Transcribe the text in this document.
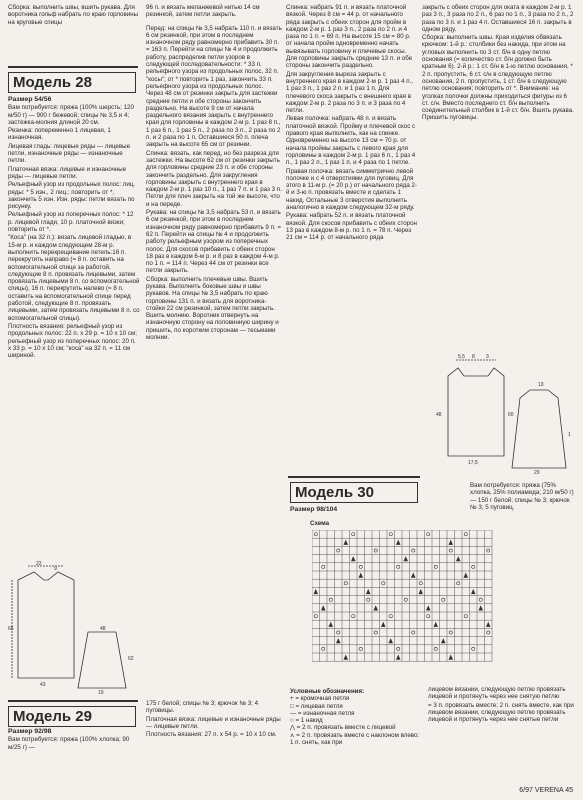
Сборка: выполнить швы, вшить рукава. Для воротника гольф набрать по краю горловины на круговые спицы

Модель 28

Размер 54/56

Вам потребуется: пряжа (100% шерсть; 120 м/50 г) — 900 г бежевой; спицы № 3,5 и 4; застежка-молния длиной 20 см.

Резинка: попеременно 1 лицевая, 1 изнаночная.

Лицевая гладь: лицевые ряды — лицевые петли, изнаночные ряды — изнаночные петли.

Платочная вязка: лицевые и изнаночные ряды — лицевые петли.

Рельефный узор из продольных полос: лиц. ряды: * 5 изн., 2 лиц.; повторить от *, закончить 5 изн. Изн. ряды: петли вязать по рисунку.

Рельефный узор из поперечных полос: * 12 р. лицевой глади, 10 р. платочной вязки; повторить от *.

"Коса" (на 32 п.): вязать лицевой гладью, в 15-м р. и каждом следующем 28-м р. выполнить перекрещивание петель:16 п. перекрутить направо (= 8 п. оставить на вспомогательной спице за работой, следующие 8 п. провязать лицевыми, затем провязать лицевыми 8 п. со вспомогательной спицы), 16 п. перекрутить налево (= 8 п. оставить на вспомогательной спице перед работой, следующие 8 п. провязать лицевыми, затем провязать лицевыми 8 п. со вспомогательной спицы).

Плотность вязания: рельефный узор из продольных полос: 22 п. x 29 р. = 10 x 10 см; рельефный узор из поперечных полос: 20 п. x 33 р. = 10 x 10 см; "коса" на 32 п. = 11 см шириной.

22
9
65
43
48
62
19
Модель 29

Размер 92/98

Вам потребуется: пряжа (100% хлопка; 90 м/25 г) —

96 п. и вязать меланжевой нитью 14 см резинкой, затем петли закрыть.

Перед: на спицы № 3,5 набрать 110 п. и вязать 6 см резинкой, при этом в последнем изнаночном ряду равномерно прибавить 30 п. = 163 п. Перейти на спицы № 4 и продолжить работу, распределив петли узоров в следующей последовательности: * 33 п. рельефного узора из продольных полос, 32 п. "косы"; от * повторить 1 раз, закончить 33 п. рельефного узора из продольных полос. Через 48 см от резинки закрыть для застежки средние петли и обе стороны закончить раздельно. На высоте 9 см от начала раздельного вязания закрыть с внутреннего края для горловины в каждом 2-м р. 1 раз 8 п., 1 раз 6 п., 1 раз 5 п., 2 раза по 3 п., 2 раза по 2 п. и 2 раза по 1 п. Оставшиеся 50 п. плеча закрыть на высоте 65 см от резинки.

Спинка: вязать, как перед, но без разреза для застежки. На высоте 62 см от резинки закрыть для горловины средние 23 п. и обе стороны закончить раздельно. Для закругления горловины закрыть с внутреннего края в каждом 2-м р. 1 раз 10 п., 1 раз 7 п. и 1 раз 3 п. Петли для плеч закрыть на той же высоте, что и на переде.

Рукава: на спицы № 3,5 набрать 53 п. и вязать 6 см резинкой, при этом в последнем изнаночном ряду равномерно прибавить 9 п. = 62 п. Перейти на спицы № 4 и продолжить работу рельефным узором из поперечных полос. Для скосов прибавить с обеих сторон 18 раз в каждом 6-м р. и 8 раз в каждом 4-м р. по 1 п. = 114 п. Через 44 см от резинки все петли закрыть.

Сборка: выполнить плечевые швы. Вшить рукава. Выполнить боковые швы и швы рукавов. На спицы № 3,5 набрать по краю горловины 131 п. и вязать для воротника-стойки 22 см резинкой, затем петли закрыть. Вшить молнию. Воротник отвернуть на изнаночную сторону на половинную ширину и пришить, по коротким сторонам — тесьмами молнии.

175 г белой; спицы № 3; крючок № 3; 4 пуговицы.

Платочная вязка: лицевые и изнаночные ряды — лицевые петли.

Плотность вязания: 27 п. x 54 р. = 10 x 10 см.

Спинка: набрать 91 п. и вязать платочной вязкой. Через 8 см = 44 р. от начального ряда закрыть с обеих сторон для пройм в каждом 2-м р. 1 раз 3 п., 2 раза по 2 п. и 4 раза по 1 п. = 69 п. На высоте 15 см = 80 р. от начала пройм одновременно начать вывязывать горловину и плечевые скосы. Для горловины закрыть средние 13 п. и обе стороны закончить раздельно.

Для закругления выреза закрыть с внутреннего края в каждом 2-м р. 1 раз 4 п., 1 раз 3 п., 1 раз 2 п. и 1 раз 1 п. Для плечевого скоса закрыть с внешнего края в каждом 2-м р. 2 раза по 3 п. и 3 раза по 4 петли.

Левая полочка: набрать 48 п. и вязать платочной вязкой. Пройму и плечевой скос с правого края выполнить, как на спинке. Одновременно на высоте 13 см = 70 р. от начала проймы закрыть с левого края для горловины в каждом 2-м р. 1 раз 6 п., 1 раз 4 п., 1 раз 2 п., 1 раз 1 п. и 4 раза по 1 петле.

Правая полочка: вязать симметрично левой полочке и с 4 отверстиями для пуговиц. Для этого в 11-м р. (= 20 р.) от начального ряда 2-й и 3-ю п. провязать вместе и сделать 1 накид. Остальные 3 отверстия выполнить аналогично в каждом следующем 32-м ряду.

Рукава: набрать 52 п. и вязать платочной вязкой. Для скосов прибавить с обеих сторон 13 раз в каждом 8-м р. по 1 п. = 78 п. Через 21 см = 114 р. от начального ряда

закрыть с обеих сторон для оката в каждом 2-м р. 1 раз 3 п., 3 раза по 2 п., 6 раз по 1 п., 3 раза по 2 п., 2 раза по 3 п. и 1 раз 4 п. Оставшиеся 16 п. закрыть в одном ряду.

Сборка: выполнить швы. Края изделия обвязать крючком: 1-й р.: столбики без накида, при этом на угловых выполнить по 3 ст. б/н в одну петлю основания (= количество ст. б/н должно быть кратным 6). 2-й р.: 1 ст. б/н в 1-ю петлю основания, * 2 п. пропустить, 6 ст. с/н в следующую петлю основания, 2 п. пропустить, 1 ст. б/н в следующую петлю основания; повторить от *. Внимание: на уголках полочки должны приходиться фигуры из 6 ст. с/н. Вместо последнего ст. б/н выполнить соединительный столбик в 1-й ст. б/н. Вшить рукава. Пришить пуговицы.

5,5 8 3
48	60
17,5
29
13
1
Модель 30
Размер 98/104

Вам потребуется: пряжа (75% хлопка, 25% полиамида; 210 м/50 г) — 150 г белой; спицы № 3; крючок № 3; 5 пуговиц.

Схема
Условные обозначения:
+ = кромочная петля
□ = лицевая петля
— = изнаночная петля
○ = 1 накид
⋀ = 2 п. провязать вместе с лицевой
⋏ = 2 п. провязать вместе с наклоном влево: 1 п. снять, как при

лицевом вязании, следующую петлю провязать лицевой и протянуть через нее снятую петлю

= 3 п. провязать вместе; 2 п. снять вместе, как при лицевом вязании, следующую петлю провязать лицевой и протянуть через нее снятые петли

6/97 VERENA 45
